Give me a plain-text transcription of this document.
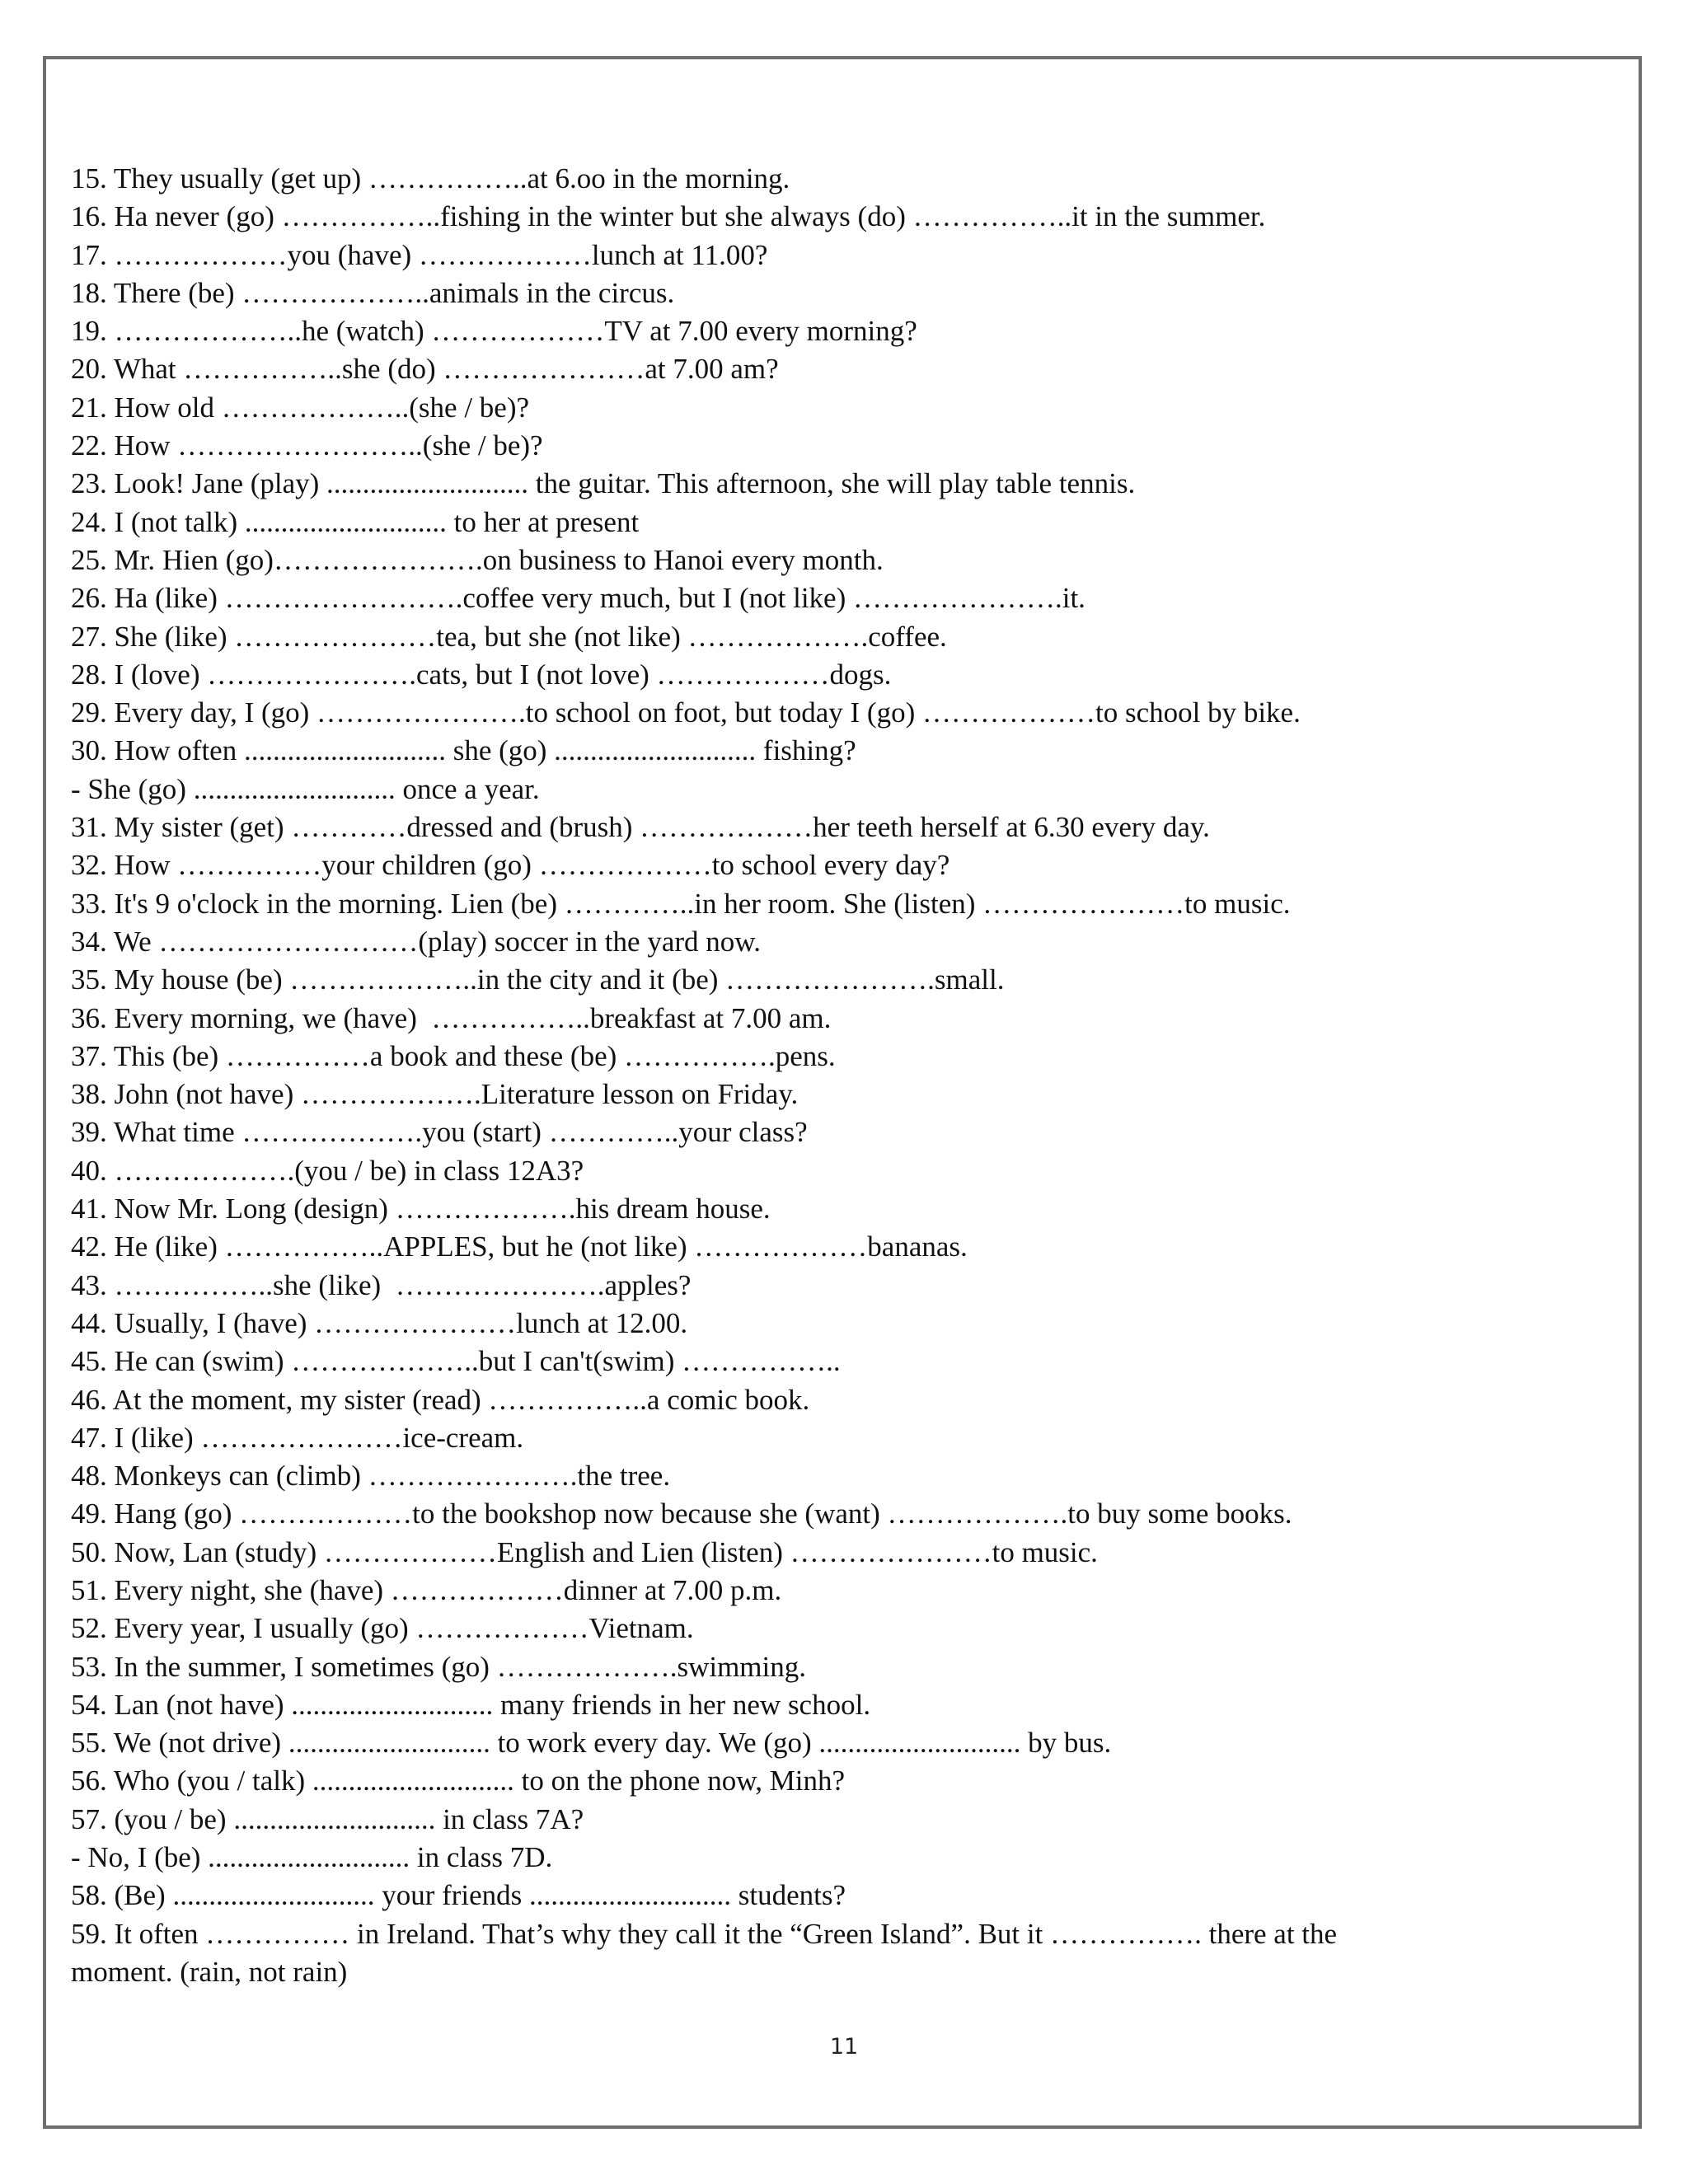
15. They usually (get up) ……………..at 6.oo in the morning.
16. Ha never (go) ……………..fishing in the winter but she always (do) ……………..it in the summer.
17. ………………you (have) ………………lunch at 11.00?
18. There (be) ………………..animals in the circus.
19. ………………..he (watch) ………………TV at 7.00 every morning?
20. What ……………..she (do) …………………at 7.00 am?
21. How old ………………..(she / be)?
22. How ……………………..(she / be)?
23. Look! Jane (play) ............................ the guitar. This afternoon, she will play table tennis.
24. I (not talk) ............................ to her at present
25. Mr. Hien (go)………………….on business to Hanoi every month.
26. Ha (like) …………………….coffee very much, but I (not like) ………………….it.
27. She (like) …………………tea, but she (not like) ……………….coffee.
28. I (love) ………………….cats, but I (not love) ………………dogs.
29. Every day, I (go) ………………….to school on foot, but today I (go) ………………to school by bike.
30. How often ............................ she (go) ............................ fishing?
- She (go) ............................ once a year.
31. My sister (get) …………dressed and (brush) ………………her teeth herself at 6.30 every day.
32. How ……………your children (go) ………………to school every day?
33. It's 9 o'clock in the morning. Lien (be) …………..in her room. She (listen) …………………to music.
34. We ………………………(play) soccer in the yard now.
35. My house (be) ………………..in the city and it (be) ………………….small.
36. Every morning, we (have)  ……………..breakfast at 7.00 am.
37. This (be) ……………a book and these (be) …………….pens.
38. John (not have) ……………….Literature lesson on Friday.
39. What time ……………….you (start) …………..your class?
40. ……………….(you / be) in class 12A3?
41. Now Mr. Long (design) ……………….his dream house.
42. He (like) ……………..APPLES, but he (not like) ………………bananas.
43. ……………..she (like)  ………………….apples?
44. Usually, I (have) …………………lunch at 12.00.
45. He can (swim) ………………..but I can't(swim) ……………..
46. At the moment, my sister (read) ……………..a comic book.
47. I (like) …………………ice-cream.
48. Monkeys can (climb) ………………….the tree.
49. Hang (go) ………………to the bookshop now because she (want) ……………….to buy some books.
50. Now, Lan (study) ………………English and Lien (listen) …………………to music.
51. Every night, she (have) ………………dinner at 7.00 p.m.
52. Every year, I usually (go) ………………Vietnam.
53. In the summer, I sometimes (go) ……………….swimming.
54. Lan (not have) ............................ many friends in her new school.
55. We (not drive) ............................ to work every day. We (go) ............................ by bus.
56. Who (you / talk) ............................ to on the phone now, Minh?
57. (you / be) ............................ in class 7A?
- No, I (be) ............................ in class 7D.
58. (Be) ............................ your friends ............................ students?
59. It often …………… in Ireland. That’s why they call it the “Green Island”. But it ……………. there at the
moment. (rain, not rain)
11
